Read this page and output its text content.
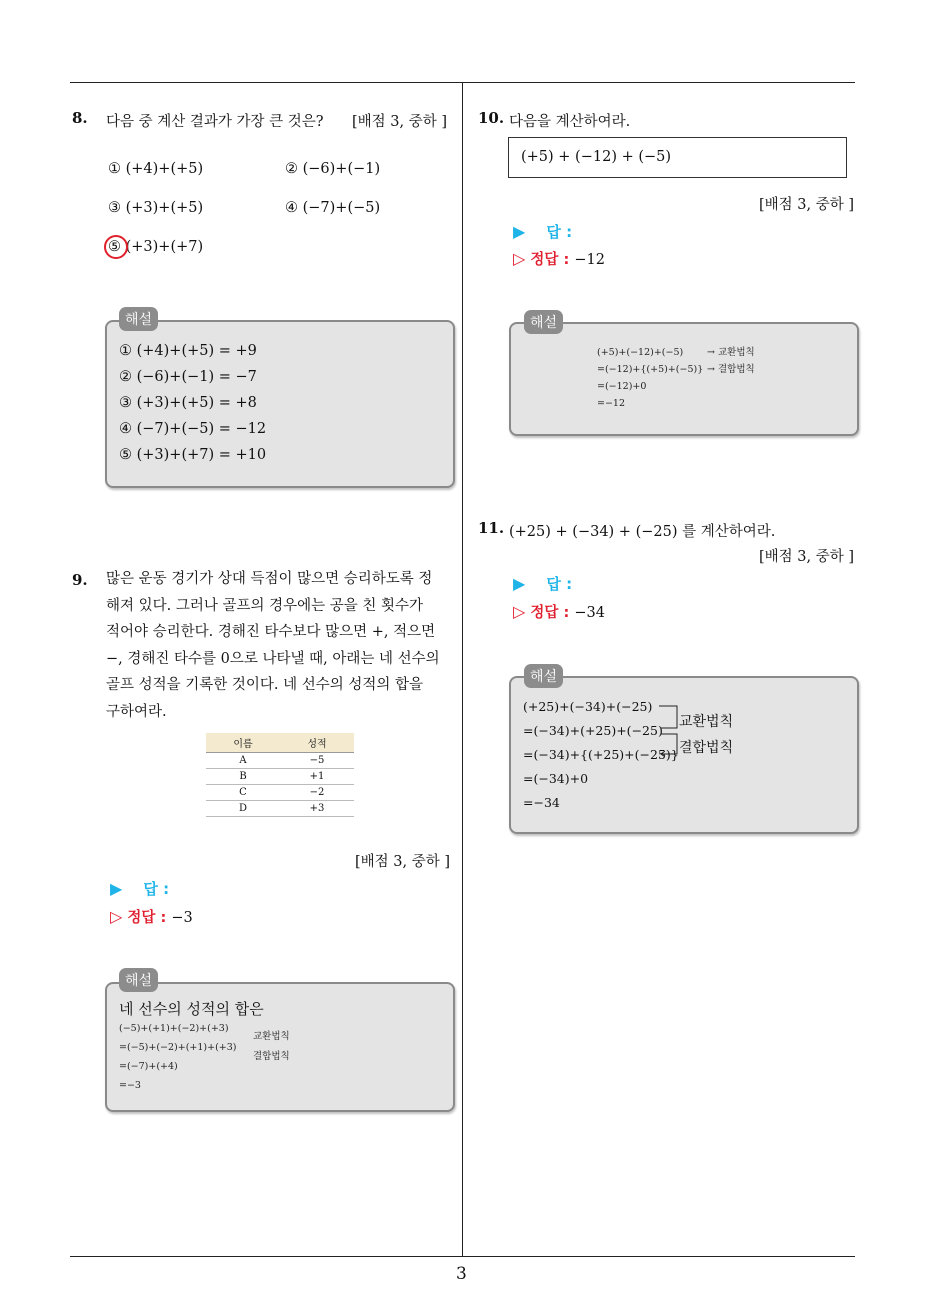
8. 다음 중 계산 결과가 가장 큰 것은? [배점 3, 중하 ]
① (+4)+(+5)	② (−6)+(−1)
③ (+3)+(+5)	④ (−7)+(−5)
⑤ (+3)+(+7)
① (+4)+(+5) = +9
② (−6)+(−1) = −7
③ (+3)+(+5) = +8
④ (−7)+(−5) = −12
⑤ (+3)+(+7) = +10
해설
9. 많은 운동 경기가 상대 득점이 많으면 승리하도록 정
해져 있다. 그러나 골프의 경우에는 공을 친 횟수가
적어야 승리한다. 경해진 타수보다 많으면 +, 적으면
−, 경해진 타수를 0으로 나타낼 때, 아래는 네 선수의
골프 성적을 기록한 것이다. 네 선수의 성적의 합을
구하여라.
이름	성적
A	−5
B	+1
C	−2
D	+3
[배점 3, 중하 ]
▶ 답 :
▷ 정답 : −3
네 선수의 성적의 합은
(−5)+(+1)+(−2)+(+3)
=(−5)+(−2)+(+1)+(+3)
=(−7)+(+4)
=−3
교환법칙
결합법칙
해설
10. 다음을 계산하여라.
(+5) + (−12) + (−5)
[배점 3, 중하 ]
▶ 답 :
▷ 정답 : −12
(+5)+(−12)+(−5)
=(−12)+{(+5)+(−5)}
=(−12)+0
=−12
→ 교환법칙
→ 결합법칙
해설
11. (+25) + (−34) + (−25) 를 계산하여라.
[배점 3, 중하 ]
▶ 답 :
▷ 정답 : −34
(+25)+(−34)+(−25)
=(−34)+(+25)+(−25)
=(−34)+{(+25)+(−25)}
=(−34)+0
=−34
교환법칙
결합법칙
해설
3
